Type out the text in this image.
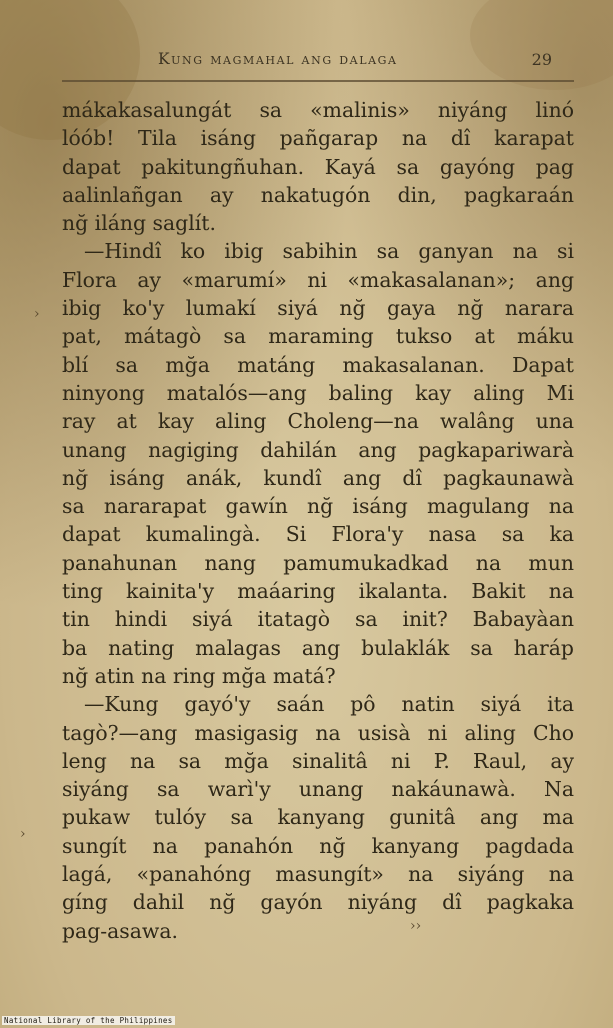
Kung magmahal ang dalaga	29
mákakasalungát sa «malinis» niyáng linó
lóób! Tila isáng pañgarap na dî karapat
dapat pakitungñuhan. Kayá sa gayóng pag
aalinlañgan ay nakatugón din, pagkaraán
nğ iláng saglít.
—Hindî ko ibig sabihin sa ganyan na si
Flora ay «marumí» ni «makasalanan»; ang
ibig ko'y lumakí siyá nğ gaya nğ narara
pat, mátagò sa maraming tukso at máku
blí sa mğa matáng makasalanan. Dapat
ninyong matalós—ang baling kay aling Mi
ray at kay aling Choleng—na walâng una
unang nagiging dahilán ang pagkapariwarà
nğ isáng anák, kundî ang dî pagkaunawà
sa nararapat gawín nğ isáng magulang na
dapat kumalingà. Si Flora'y nasa sa ka
panahunan nang pamumukadkad na mun
ting kainita'y maáaring ikalanta. Bakit na
tin hindi siyá itatagò sa init? Babayàan
ba nating malagas ang bulaklák sa haráp
nğ atin na ring mğa matá?
—Kung gayó'y saán pô natin siyá ita
tagò?—ang masigasig na usisà ni aling Cho
leng na sa mğa sinalitâ ni P. Raul, ay
siyáng sa warì'y unang nakáunawà. Na
pukaw tulóy sa kanyang gunitâ ang ma
sungít na panahón nğ kanyang pagdada
lagá, «panahóng masungít» na siyáng na
gíng dahil nğ gayón niyáng dî pagkaka
pag-asawa.
›
›
››
National Library of the Philippines
